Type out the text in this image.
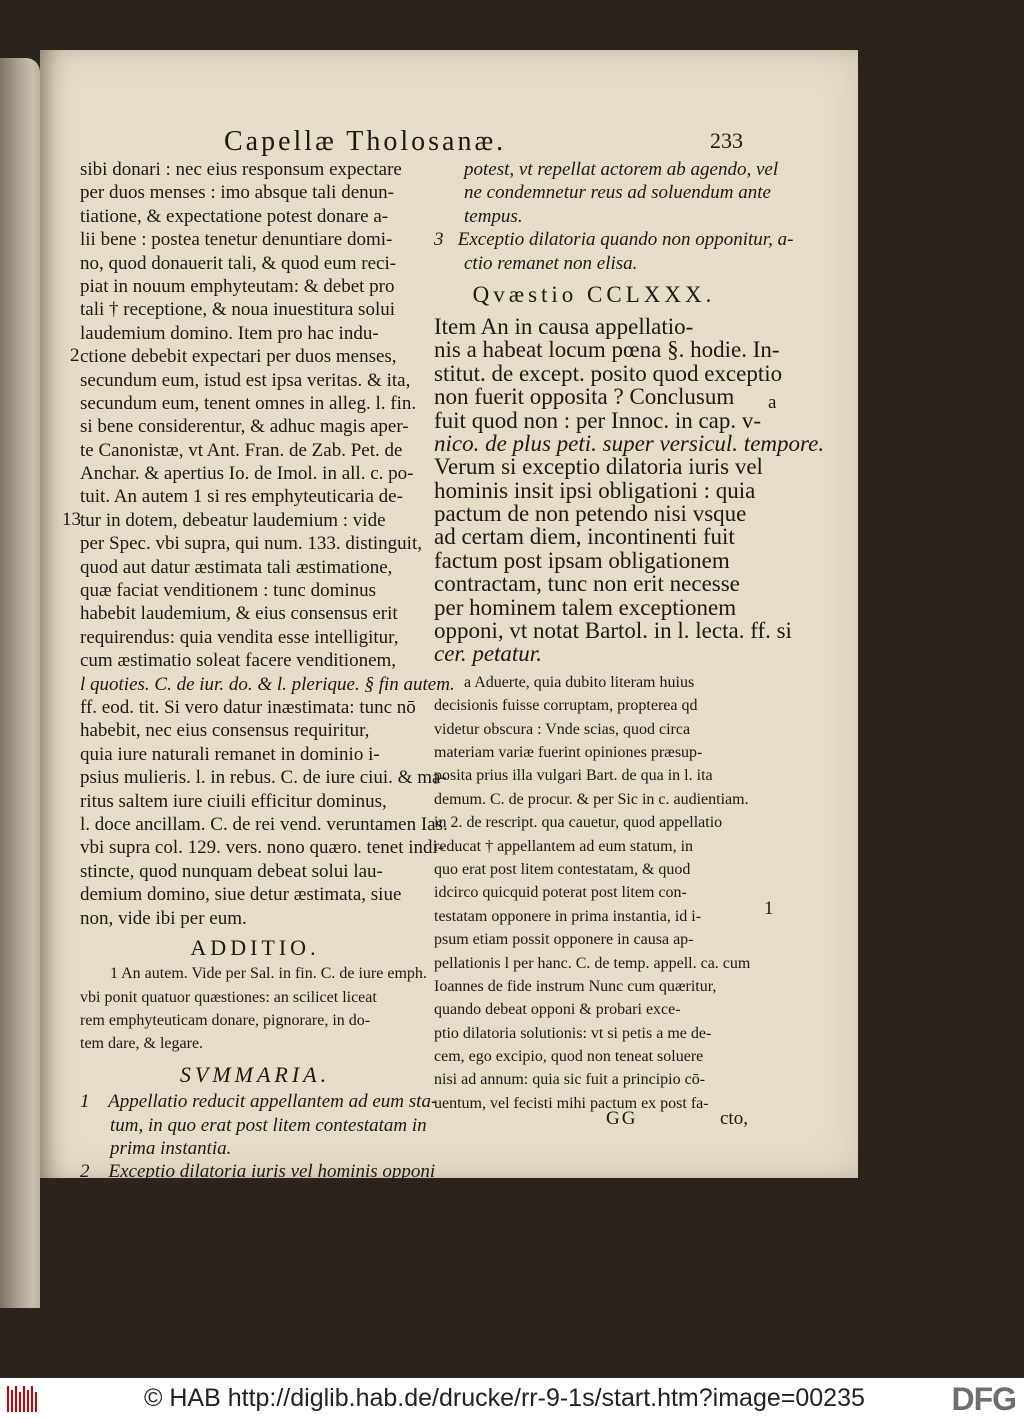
Capellæ Tholosanæ.	233
2
13
a
1
sibi donari : nec eius responsum expectare
per duos menses : imo absque tali denun-
tiatione, & expectatione potest donare a-
lii bene : postea tenetur denuntiare domi-
no, quod donauerit tali, & quod eum reci-
piat in nouum emphyteutam: & debet pro
tali † receptione, & noua inuestitura solui
laudemium domino. Item pro hac indu-
ctione debebit expectari per duos menses,
secundum eum, istud est ipsa veritas. & ita,
secundum eum, tenent omnes in alleg. l. fin.
si bene considerentur, & adhuc magis aper-
te Canonistæ, vt Ant. Fran. de Zab. Pet. de
Anchar. & apertius Io. de Imol. in all. c. po-
tuit. An autem 1 si res emphyteuticaria de-
tur in dotem, debeatur laudemium : vide
per Spec. vbi supra, qui num. 133. distinguit,
quod aut datur æstimata tali æstimatione,
quæ faciat venditionem : tunc dominus
habebit laudemium, & eius consensus erit
requirendus: quia vendita esse intelligitur,
cum æstimatio soleat facere venditionem,
l quoties. C. de iur. do. & l. plerique. § fin autem.
ff. eod. tit. Si vero datur inæstimata: tunc nō
habebit, nec eius consensus requiritur,
quia iure naturali remanet in dominio i-
psius mulieris. l. in rebus. C. de iure ciui. & ma-
ritus saltem iure ciuili efficitur dominus,
l. doce ancillam. C. de rei vend. veruntamen Ias.
vbi supra col. 129. vers. nono quæro. tenet indi-
stincte, quod nunquam debeat solui lau-
demium domino, siue detur æstimata, siue
non, vide ibi per eum.
ADDITIO.
1 An autem. Vide per Sal. in fin. C. de iure emph.
vbi ponit quatuor quæstiones: an scilicet liceat
rem emphyteuticam donare, pignorare, in do-
tem dare, & legare.
SVMMARIA.
1 Appellatio reducit appellantem ad eum sta-
tum, in quo erat post litem contestatam in
prima instantia.
2 Exceptio dilatoria iuris vel hominis opponi
potest, vt repellat actorem ab agendo, vel
ne condemnetur reus ad soluendum ante
tempus.
3 Exceptio dilatoria quando non opponitur, a-
ctio remanet non elisa.
Qvæstio CCLXXX.
Item An in causa appellatio-
nis a habeat locum pœna §. hodie. In-
stitut. de except. posito quod exceptio
non fuerit opposita ? Conclusum
fuit quod non : per Innoc. in cap. v-
nico. de plus peti. super versicul. tempore.
Verum si exceptio dilatoria iuris vel
hominis insit ipsi obligationi : quia
pactum de non petendo nisi vsque
ad certam diem, incontinenti fuit
factum post ipsam obligationem
contractam, tunc non erit necesse
per hominem talem exceptionem
opponi, vt notat Bartol. in l. lecta. ff. si
cer. petatur.
a Aduerte, quia dubito literam huius
decisionis fuisse corruptam, propterea qd
videtur obscura : Vnde scias, quod circa
materiam variæ fuerint opiniones præsup-
posita prius illa vulgari Bart. de qua in l. ita
demum. C. de procur. & per Sic in c. audientiam.
in 2. de rescript. qua cauetur, quod appellatio
reducat † appellantem ad eum statum, in
quo erat post litem contestatam, & quod
idcirco quicquid poterat post litem con-
testatam opponere in prima instantia, id i-
psum etiam possit opponere in causa ap-
pellationis l per hanc. C. de temp. appell. ca. cum
Ioannes de fide instrum Nunc cum quæritur,
quando debeat opponi & probari exce-
ptio dilatoria solutionis: vt si petis a me de-
cem, ego excipio, quod non teneat soluere
nisi ad annum: quia sic fuit a principio cō-
uentum, vel fecisti mihi pactum ex post fa-
GG	cto,
© HAB http://diglib.hab.de/drucke/rr-9-1s/start.htm?image=00235	DFG
